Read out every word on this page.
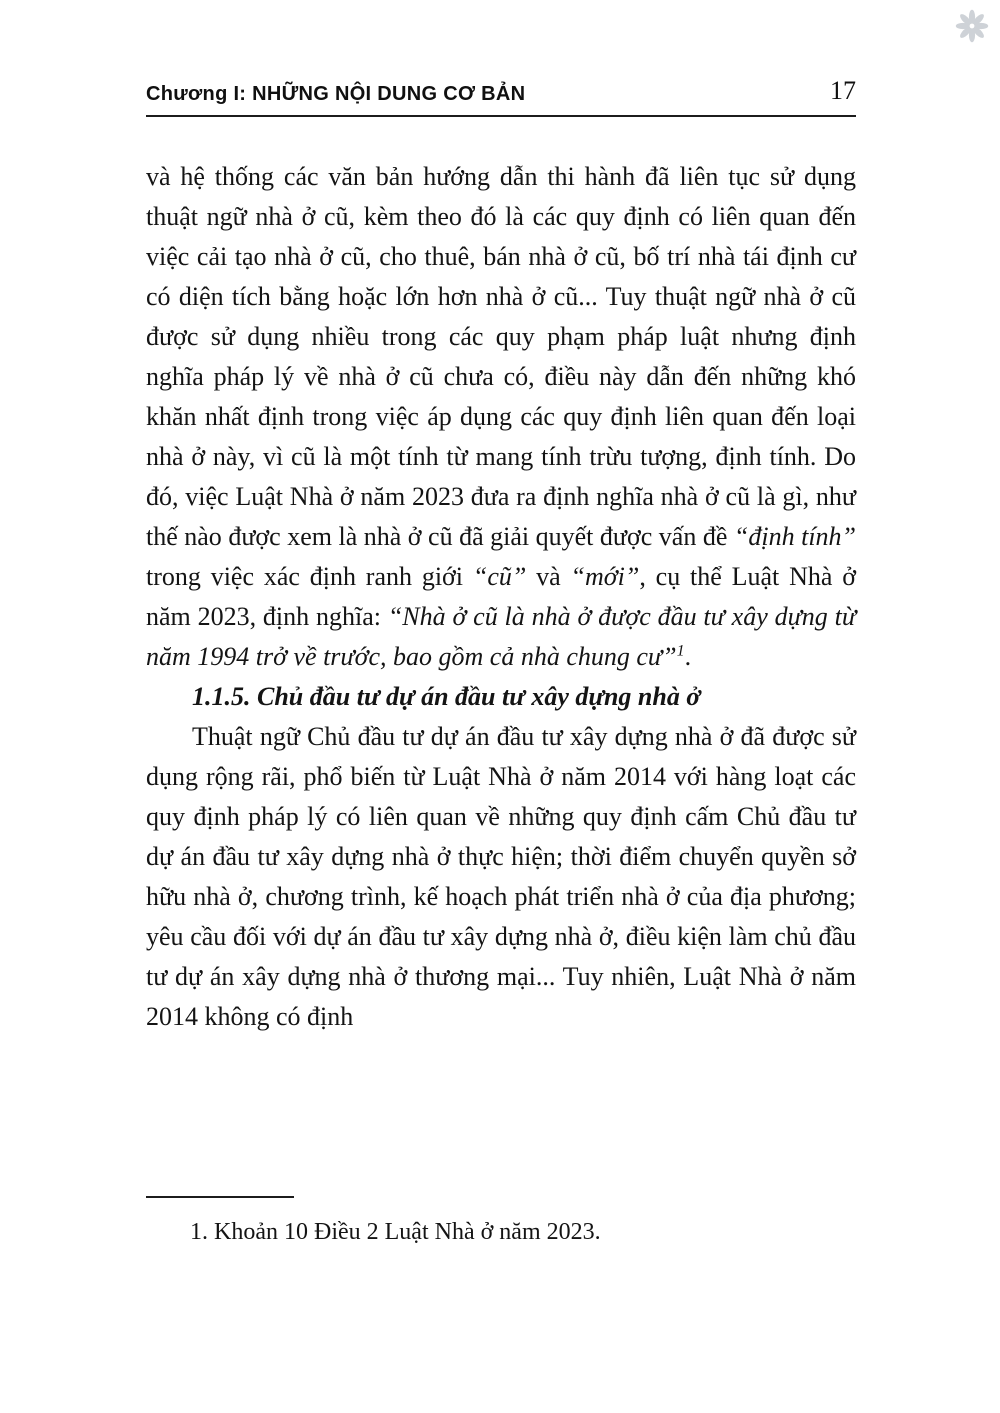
Chương I: NHỮNG NỘI DUNG CƠ BẢN	17

và hệ thống các văn bản hướng dẫn thi hành đã liên tục sử dụng thuật ngữ nhà ở cũ, kèm theo đó là các quy định có liên quan đến việc cải tạo nhà ở cũ, cho thuê, bán nhà ở cũ, bố trí nhà tái định cư có diện tích bằng hoặc lớn hơn nhà ở cũ... Tuy thuật ngữ nhà ở cũ được sử dụng nhiều trong các quy phạm pháp luật nhưng định nghĩa pháp lý về nhà ở cũ chưa có, điều này dẫn đến những khó khăn nhất định trong việc áp dụng các quy định liên quan đến loại nhà ở này, vì cũ là một tính từ mang tính trừu tượng, định tính. Do đó, việc Luật Nhà ở năm 2023 đưa ra định nghĩa nhà ở cũ là gì, như thế nào được xem là nhà ở cũ đã giải quyết được vấn đề “định tính” trong việc xác định ranh giới “cũ” và “mới”, cụ thể Luật Nhà ở năm 2023, định nghĩa: “Nhà ở cũ là nhà ở được đầu tư xây dựng từ năm 1994 trở về trước, bao gồm cả nhà chung cư”$^1$.

1.1.5. Chủ đầu tư dự án đầu tư xây dựng nhà ở

Thuật ngữ Chủ đầu tư dự án đầu tư xây dựng nhà ở đã được sử dụng rộng rãi, phổ biến từ Luật Nhà ở năm 2014 với hàng loạt các quy định pháp lý có liên quan về những quy định cấm Chủ đầu tư dự án đầu tư xây dựng nhà ở thực hiện; thời điểm chuyển quyền sở hữu nhà ở, chương trình, kế hoạch phát triển nhà ở của địa phương; yêu cầu đối với dự án đầu tư xây dựng nhà ở, điều kiện làm chủ đầu tư dự án xây dựng nhà ở thương mại... Tuy nhiên, Luật Nhà ở năm 2014 không có định

1. Khoản 10 Điều 2 Luật Nhà ở năm 2023.
